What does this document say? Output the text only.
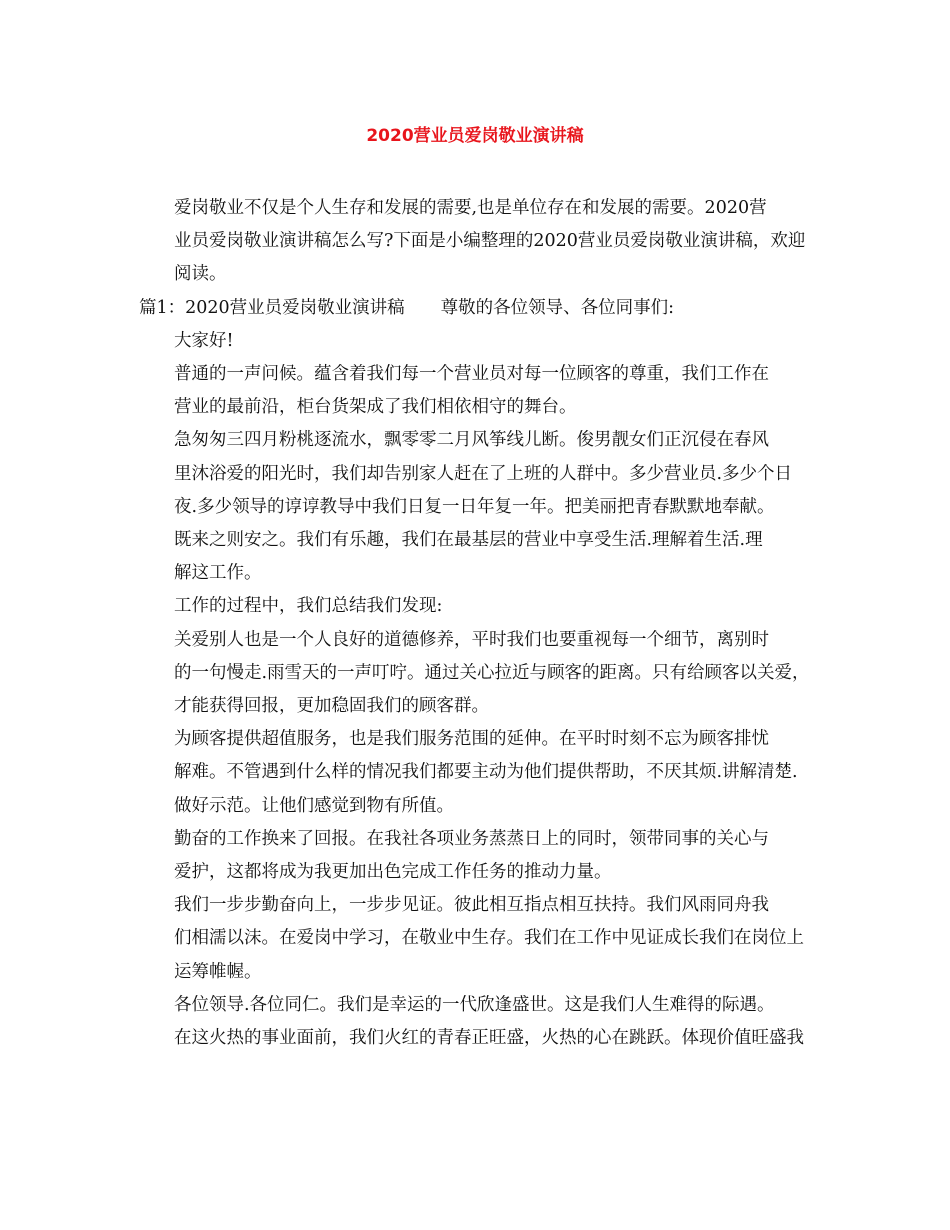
2020营业员爱岗敬业演讲稿

爱岗敬业不仅是个人生存和发展的需要,也是单位存在和发展的需要。2020营
业员爱岗敬业演讲稿怎么写?下面是小编整理的2020营业员爱岗敬业演讲稿，欢迎
阅读。

篇1：2020营业员爱岗敬业演讲稿 尊敬的各位领导、各位同事们:

大家好!

普通的一声问候。蕴含着我们每一个营业员对每一位顾客的尊重，我们工作在
营业的最前沿，柜台货架成了我们相依相守的舞台。

急匆匆三四月粉桃逐流水，飘零零二月风筝线儿断。俊男靓女们正沉侵在春风
里沐浴爱的阳光时，我们却告别家人赶在了上班的人群中。多少营业员.多少个日
夜.多少领导的谆谆教导中我们日复一日年复一年。把美丽把青春默默地奉献。

既来之则安之。我们有乐趣，我们在最基层的营业中享受生活.理解着生活.理
解这工作。

工作的过程中，我们总结我们发现:

关爱别人也是一个人良好的道德修养，平时我们也要重视每一个细节，离别时
的一句慢走.雨雪天的一声叮咛。通过关心拉近与顾客的距离。只有给顾客以关爱，
才能获得回报，更加稳固我们的顾客群。

为顾客提供超值服务，也是我们服务范围的延伸。在平时时刻不忘为顾客排忧
解难。不管遇到什么样的情况我们都要主动为他们提供帮助，不厌其烦.讲解清楚.
做好示范。让他们感觉到物有所值。

勤奋的工作换来了回报。在我社各项业务蒸蒸日上的同时，领带同事的关心与
爱护，这都将成为我更加出色完成工作任务的推动力量。

我们一步步勤奋向上，一步步见证。彼此相互指点相互扶持。我们风雨同舟我
们相濡以沫。在爱岗中学习，在敬业中生存。我们在工作中见证成长我们在岗位上
运筹帷幄。

各位领导.各位同仁。我们是幸运的一代欣逢盛世。这是我们人生难得的际遇。
在这火热的事业面前，我们火红的青春正旺盛，火热的心在跳跃。体现价值旺盛我
